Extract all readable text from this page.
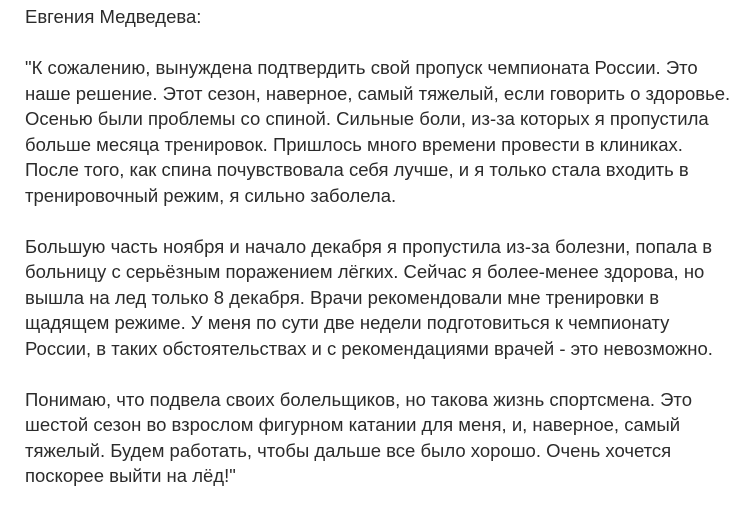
Евгения Медведева:
"К сожалению, вынуждена подтвердить свой пропуск чемпионата России. Это
наше решение. Этот сезон, наверное, самый тяжелый, если говорить о здоровье.
Осенью были проблемы со спиной. Сильные боли, из-за которых я пропустила
больше месяца тренировок. Пришлось много времени провести в клиниках.
После того, как спина почувствовала себя лучше, и я только стала входить в
тренировочный режим, я сильно заболела.
Большую часть ноября и начало декабря я пропустила из-за болезни, попала в
больницу с серьёзным поражением лёгких. Сейчас я более-менее здорова, но
вышла на лед только 8 декабря. Врачи рекомендовали мне тренировки в
щадящем режиме. У меня по сути две недели подготовиться к чемпионату
России, в таких обстоятельствах и с рекомендациями врачей - это невозможно.
Понимаю, что подвела своих болельщиков, но такова жизнь спортсмена. Это
шестой сезон во взрослом фигурном катании для меня, и, наверное, самый
тяжелый. Будем работать, чтобы дальше все было хорошо. Очень хочется
поскорее выйти на лёд!"
